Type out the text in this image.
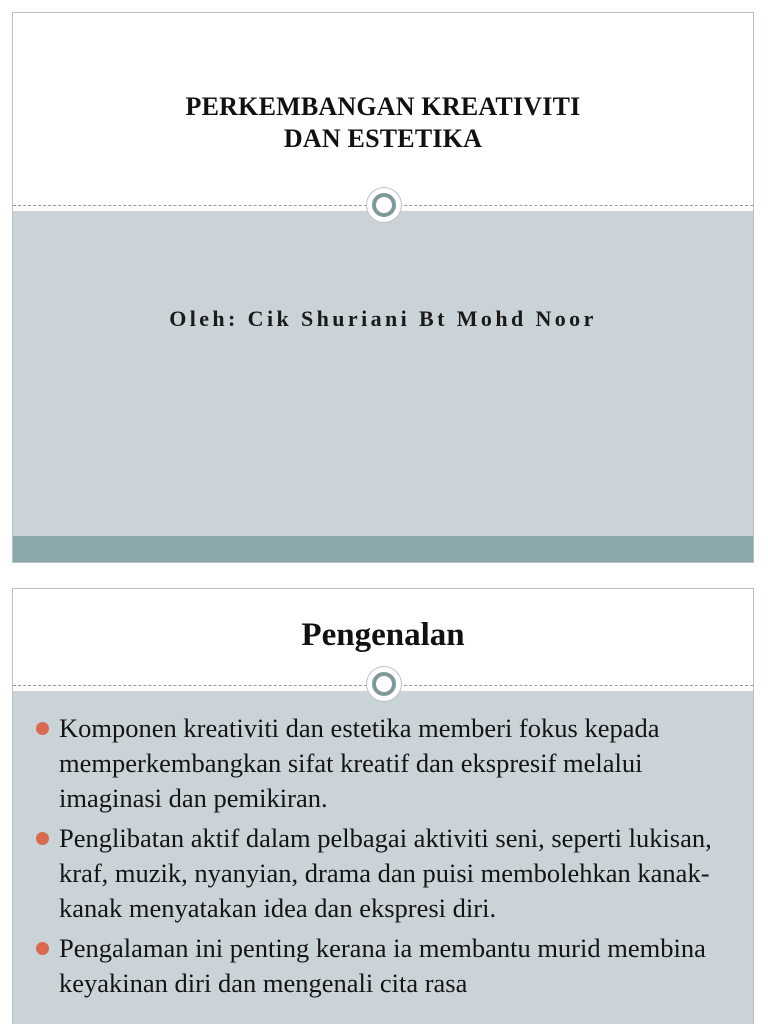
PERKEMBANGAN KREATIVITI
DAN ESTETIKA
Oleh: Cik Shuriani Bt Mohd Noor
Pengenalan
Komponen kreativiti dan estetika memberi fokus kepada memperkembangkan sifat kreatif dan ekspresif melalui imaginasi dan pemikiran.
Penglibatan aktif dalam pelbagai aktiviti seni, seperti lukisan, kraf, muzik, nyanyian, drama dan puisi membolehkan kanak-kanak menyatakan idea dan ekspresi diri.
Pengalaman ini penting kerana ia membantu murid membina keyakinan diri dan mengenali cita rasa
